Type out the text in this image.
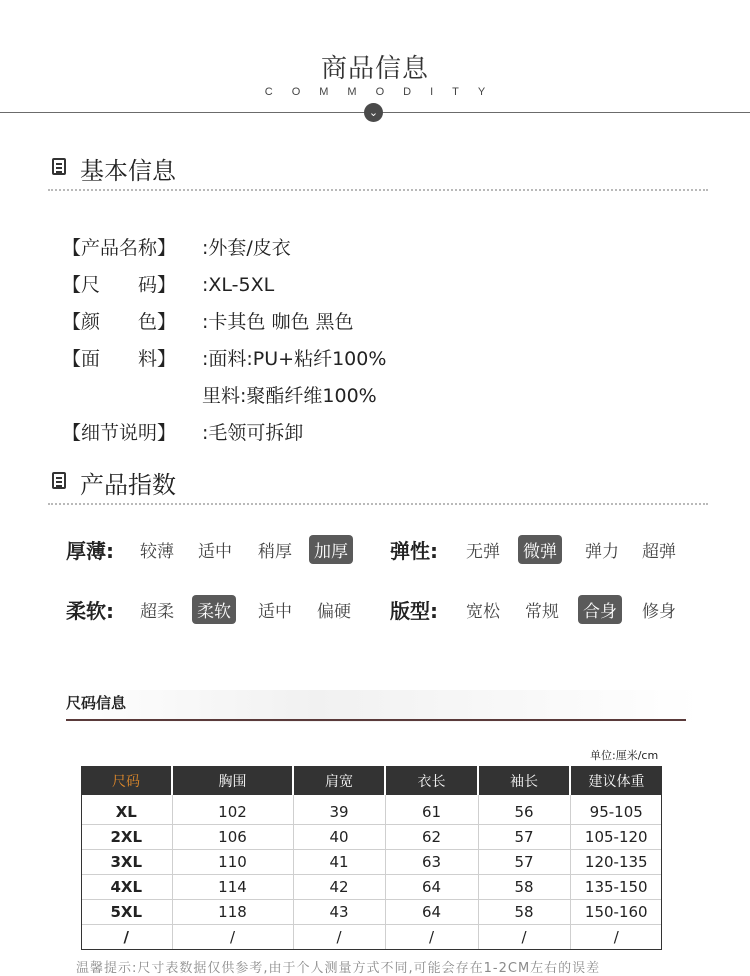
商品信息
COMMODITY
⌄
基本信息
【产品名称】 :外套/皮衣
【尺　　码】 :XL-5XL
【颜　　色】 :卡其色 咖色 黑色
【面　　料】 :面料:PU+粘纤100%
里料:聚酯纤维100%
【细节说明】 :毛领可拆卸
产品指数
厚薄: 较薄 适中 稍厚 加厚 弹性: 无弹 微弹 弹力 超弹
柔软: 超柔 柔软 适中 偏硬 版型: 宽松 常规 合身 修身
尺码信息
单位:厘米/cm
尺码	胸围	肩宽	衣长	袖长	建议体重
XL	102	39	61	56	95-105
2XL	106	40	62	57	105-120
3XL	110	41	63	57	120-135
4XL	114	42	64	58	135-150
5XL	118	43	64	58	150-160
/	/	/	/	/	/
温馨提示:尺寸表数据仅供参考,由于个人测量方式不同,可能会存在1-2CM左右的误差
